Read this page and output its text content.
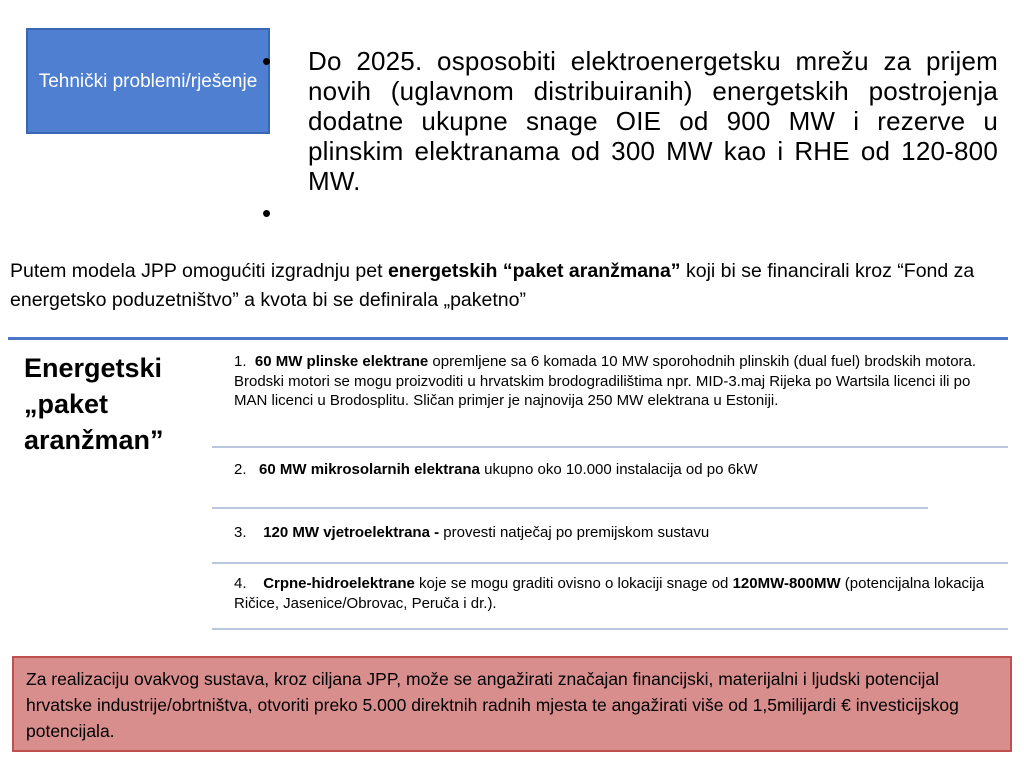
Tehnički problemi/rješenje
•	Do 2025. osposobiti elektroenergetsku mrežu za prijem novih (uglavnom distribuiranih) energetskih postrojenja dodatne ukupne snage OIE od 900 MW i rezerve u plinskim elektranama od 300 MW kao i RHE od 120-800 MW.
•
Putem modela JPP omogućiti izgradnju pet energetskih “paket aranžmana” koji bi se financirali kroz “Fond za energetsko poduzetništvo” a kvota bi se definirala „paketno”
Energetski „paket aranžman”
1. 60 MW plinske elektrane opremljene sa 6 komada 10 MW sporohodnih plinskih (dual fuel) brodskih motora. Brodski motori se mogu proizvoditi u hrvatskim brodogradilištima npr. MID-3.maj Rijeka po Wartsila licenci ili po MAN licenci u Brodosplitu. Sličan primjer je najnovija 250 MW elektrana u Estoniji.
2. 60 MW mikrosolarnih elektrana ukupno oko 10.000 instalacija od po 6kW
3. 120 MW vjetroelektrana - provesti natječaj po premijskom sustavu
4. Crpne-hidroelektrane koje se mogu graditi ovisno o lokaciji snage od 120MW-800MW (potencijalna lokacija Ričice, Jasenice/Obrovac, Peruča i dr.).
Za realizaciju ovakvog sustava, kroz ciljana JPP, može se angažirati značajan financijski, materijalni i ljudski potencijal hrvatske industrije/obrtništva, otvoriti preko 5.000 direktnih radnih mjesta te angažirati više od 1,5milijardi € investicijskog potencijala.
